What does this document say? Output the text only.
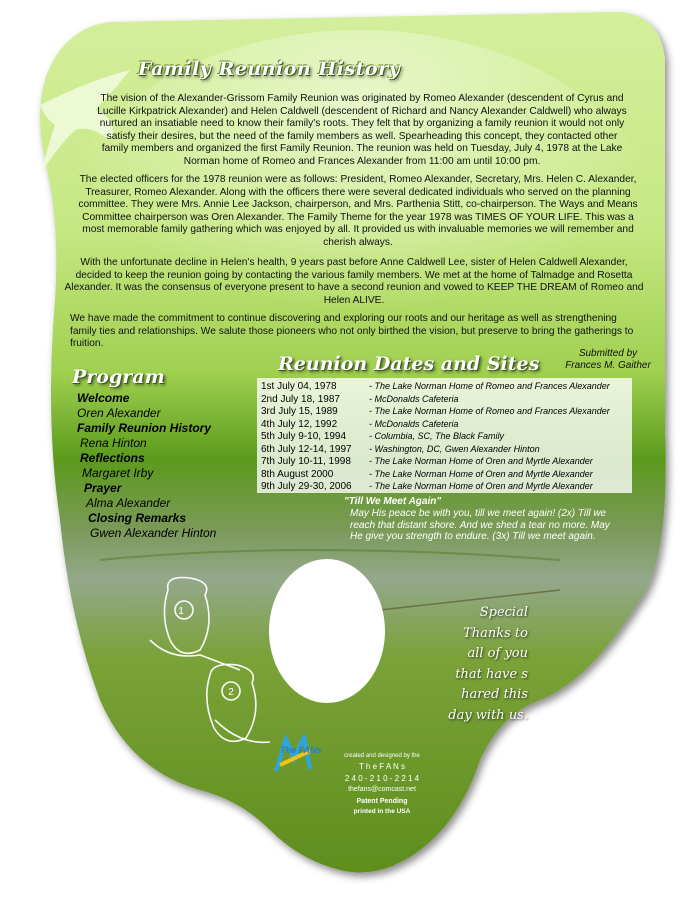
1
2
Family Reunion History
The vision of the Alexander-Grissom Family Reunion was originated by Romeo Alexander (descendent of Cyrus and Lucille Kirkpatrick Alexander) and Helen Caldwell (descendent of Richard and Nancy Alexander Caldwell) who always nurtured an insatiable need to know their family's roots. They felt that by organizing a family reunion it would not only satisfy their desires, but the need of the family members as well. Spearheading this concept, they contacted other family members and organized the first Family Reunion. The reunion was held on Tuesday, July 4, 1978 at the Lake Norman home of Romeo and Frances Alexander from 11:00 am until 10:00 pm.
The elected officers for the 1978 reunion were as follows: President, Romeo Alexander, Secretary, Mrs. Helen C. Alexander, Treasurer, Romeo Alexander. Along with the officers there were several dedicated individuals who served on the planning committee. They were Mrs. Annie Lee Jackson, chairperson, and Mrs. Parthenia Stitt, co-chairperson. The Ways and Means Committee chairperson was Oren Alexander. The Family Theme for the year 1978 was TIMES OF YOUR LIFE. This was a most memorable family gathering which was enjoyed by all. It provided us with invaluable memories we will remember and cherish always.
With the unfortunate decline in Helen's health, 9 years past before Anne Caldwell Lee, sister of Helen Caldwell Alexander, decided to keep the reunion going by contacting the various family members. We met at the home of Talmadge and Rosetta Alexander. It was the consensus of everyone present to have a second reunion and vowed to KEEP THE DREAM of Romeo and Helen ALIVE.
We have made the commitment to continue discovering and exploring our roots and our heritage as well as strengthening family ties and relationships. We salute those pioneers who not only birthed the vision, but preserve to bring the gatherings to fruition.
Submitted by
Frances M. Gaither
Program
Welcome
Oren Alexander
Family Reunion History
Rena Hinton
Reflections
Margaret Irby
Prayer
Alma Alexander
Closing Remarks
Gwen Alexander Hinton
Reunion Dates and Sites
1st July 04, 1978	- The Lake Norman Home of Romeo and Frances Alexander
2nd July 18, 1987	- McDonalds Cafeteria
3rd July 15, 1989	- The Lake Norman Home of Romeo and Frances Alexander
4th July 12, 1992	- McDonalds Cafeteria
5th July 9-10, 1994	- Columbia, SC, The Black Family
6th July 12-14, 1997 - Washington, DC, Gwen Alexander Hinton
7th July 10-11, 1998 - The Lake Norman Home of Oren and Myrtle Alexander
8th August 2000	- The Lake Norman Home of Oren and Myrtle Alexander
9th July 29-30, 2006 - The Lake Norman Home of Oren and Myrtle Alexander
"Till We Meet Again"
May His peace be with you, till we meet again! (2x) Till we reach that distant shore. And we shed a tear no more. May He give you strength to endure. (3x) Till we meet again.
Special
Thanks to
all of you
that have s
hared this
day with us.
The FANs
created and designed by the
T h e F A N s
2 4 0 - 2 1 0 - 2 2 1 4
thefans@comcast.net
Patent Pending
printed in the USA
